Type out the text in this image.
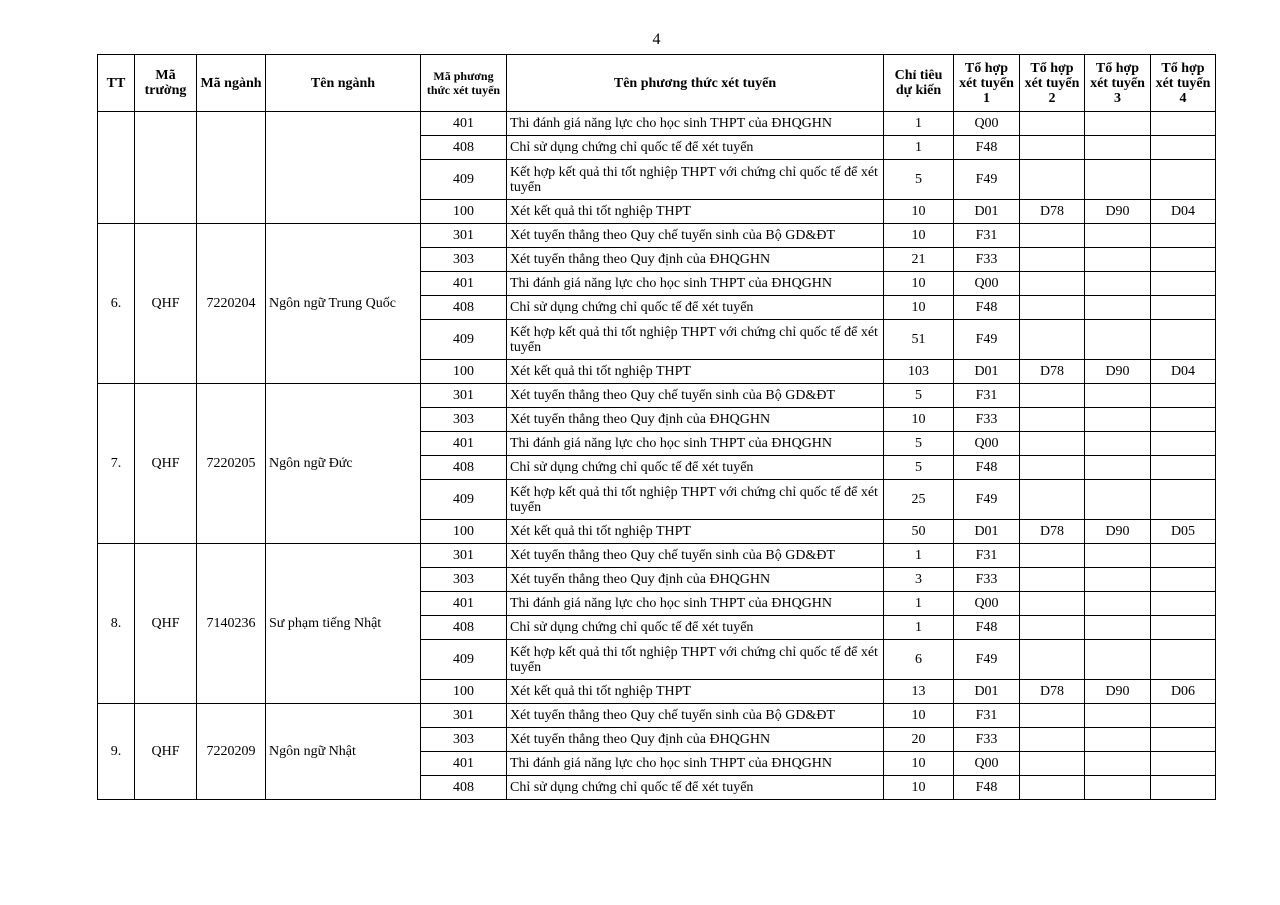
4
TT	Mã trường	Mã ngành	Tên ngành	Mã phương thức xét tuyển	Tên phương thức xét tuyển	Chỉ tiêu dự kiến	Tổ hợp xét tuyển 1	Tổ hợp xét tuyển 2	Tổ hợp xét tuyển 3	Tổ hợp xét tuyển 4
				401	Thi đánh giá năng lực cho học sinh THPT của ĐHQGHN	1	Q00			
				408	Chỉ sử dụng chứng chỉ quốc tế để xét tuyển	1	F48			
				409	Kết hợp kết quả thi tốt nghiệp THPT với chứng chỉ quốc tế để xét tuyển	5	F49			
				100	Xét kết quả thi tốt nghiệp THPT	10	D01	D78	D90	D04
6.	QHF	7220204	Ngôn ngữ Trung Quốc	301	Xét tuyển thẳng theo Quy chế tuyển sinh của Bộ GD&ĐT	10	F31			
				303	Xét tuyển thẳng theo Quy định của ĐHQGHN	21	F33			
				401	Thi đánh giá năng lực cho học sinh THPT của ĐHQGHN	10	Q00			
				408	Chỉ sử dụng chứng chỉ quốc tế để xét tuyển	10	F48			
				409	Kết hợp kết quả thi tốt nghiệp THPT với chứng chỉ quốc tế để xét tuyển	51	F49			
				100	Xét kết quả thi tốt nghiệp THPT	103	D01	D78	D90	D04
7.	QHF	7220205	Ngôn ngữ Đức	301	Xét tuyển thẳng theo Quy chế tuyển sinh của Bộ GD&ĐT	5	F31			
				303	Xét tuyển thẳng theo Quy định của ĐHQGHN	10	F33			
				401	Thi đánh giá năng lực cho học sinh THPT của ĐHQGHN	5	Q00			
				408	Chỉ sử dụng chứng chỉ quốc tế để xét tuyển	5	F48			
				409	Kết hợp kết quả thi tốt nghiệp THPT với chứng chỉ quốc tế để xét tuyển	25	F49			
				100	Xét kết quả thi tốt nghiệp THPT	50	D01	D78	D90	D05
8.	QHF	7140236	Sư phạm tiếng Nhật	301	Xét tuyển thẳng theo Quy chế tuyển sinh của Bộ GD&ĐT	1	F31			
				303	Xét tuyển thẳng theo Quy định của ĐHQGHN	3	F33			
				401	Thi đánh giá năng lực cho học sinh THPT của ĐHQGHN	1	Q00			
				408	Chỉ sử dụng chứng chỉ quốc tế để xét tuyển	1	F48			
				409	Kết hợp kết quả thi tốt nghiệp THPT với chứng chỉ quốc tế để xét tuyển	6	F49			
				100	Xét kết quả thi tốt nghiệp THPT	13	D01	D78	D90	D06
9.	QHF	7220209	Ngôn ngữ Nhật	301	Xét tuyển thẳng theo Quy chế tuyển sinh của Bộ GD&ĐT	10	F31			
				303	Xét tuyển thẳng theo Quy định của ĐHQGHN	20	F33			
				401	Thi đánh giá năng lực cho học sinh THPT của ĐHQGHN	10	Q00			
				408	Chỉ sử dụng chứng chỉ quốc tế để xét tuyển	10	F48			
